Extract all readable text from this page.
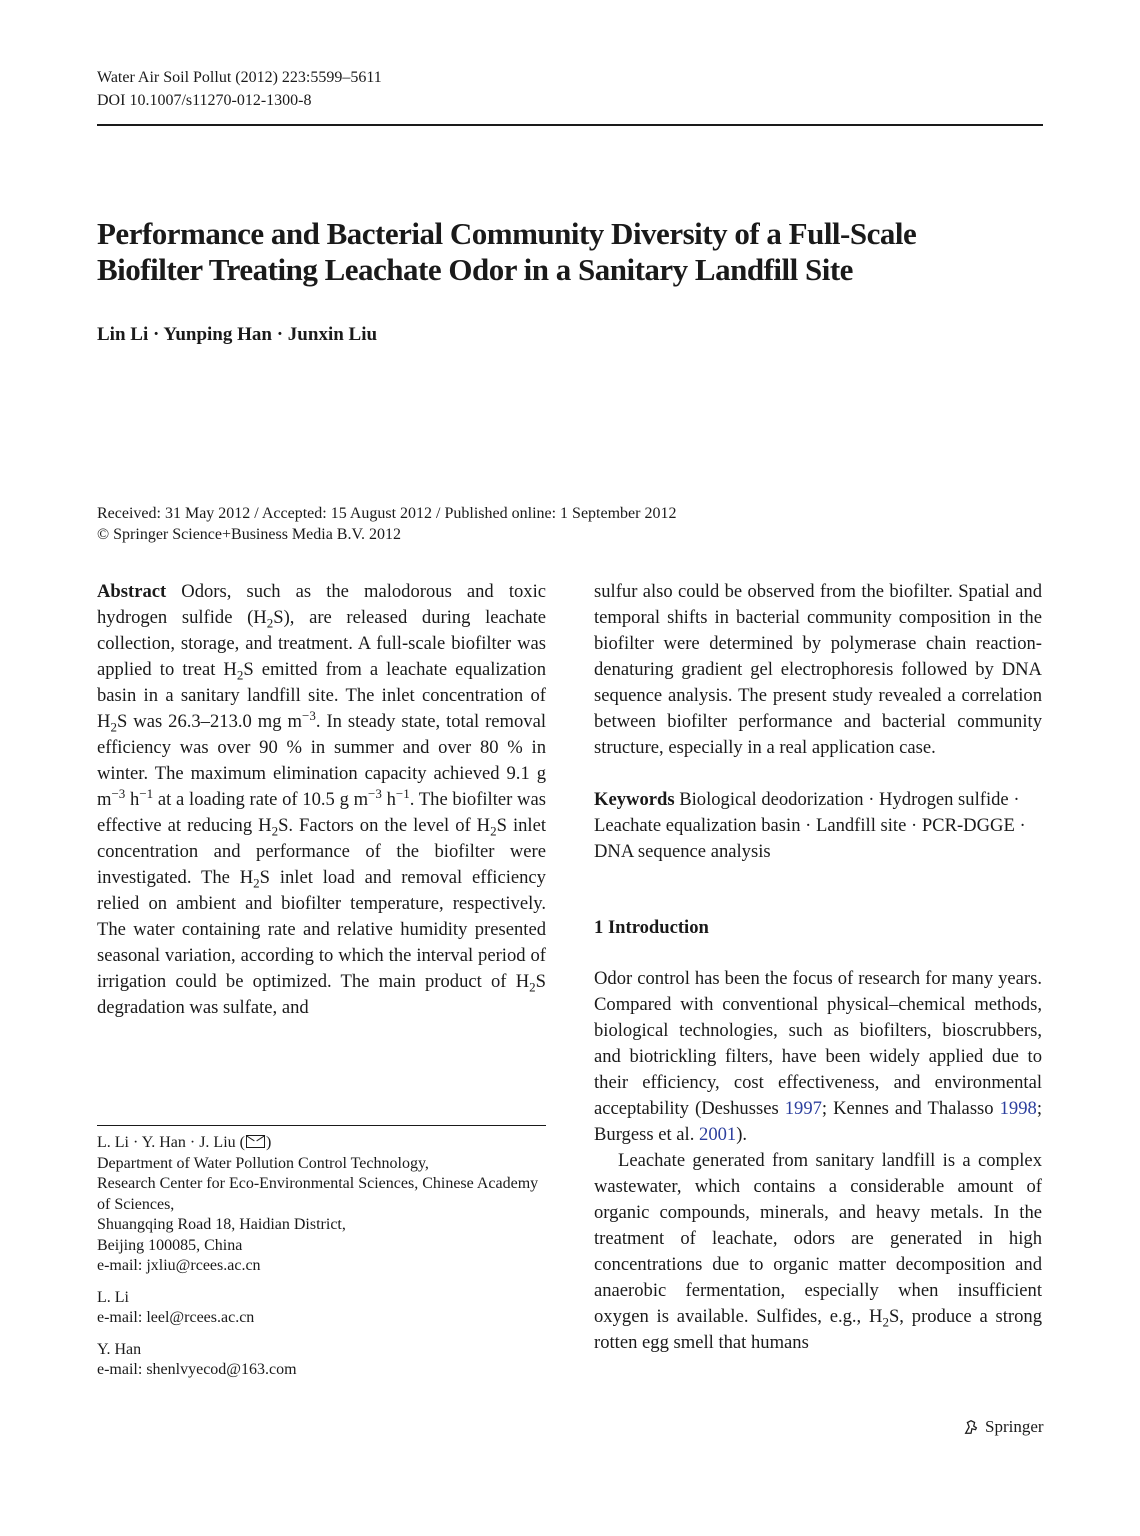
Water Air Soil Pollut (2012) 223:5599–5611
DOI 10.1007/s11270-012-1300-8
Performance and Bacterial Community Diversity of a Full-Scale
Biofilter Treating Leachate Odor in a Sanitary Landfill Site
Lin Li · Yunping Han · Junxin Liu
Received: 31 May 2012 / Accepted: 15 August 2012 / Published online: 1 September 2012
© Springer Science+Business Media B.V. 2012

Abstract Odors, such as the malodorous and toxic hydrogen sulfide $(H_2S)$, are released during leachate collection, storage, and treatment. A full-scale biofilter was applied to treat $H_2S$ emitted from a leachate equalization basin in a sanitary landfill site. The inlet concentration of $H_2S$ was 26.3–213.0 mg $m^{-3}$. In steady state, total removal efficiency was over 90 % in summer and over 80 % in winter. The maximum elimination capacity achieved 9.1 g $m^{-3}$ $h^{-1}$ at a loading rate of 10.5 g $m^{-3}$ $h^{-1}$. The biofilter was effective at reducing $H_2S$. Factors on the level of $H_2S$ inlet concentration and performance of the biofilter were investigated. The $H_2S$ inlet load and removal efficiency relied on ambient and biofilter temperature, respectively. The water containing rate and relative humidity presented seasonal variation, according to which the interval period of irrigation could be optimized. The main product of $H_2S$ degradation was sulfate, and

sulfur also could be observed from the biofilter. Spatial and temporal shifts in bacterial community composition in the biofilter were determined by polymerase chain reaction-denaturing gradient gel electrophoresis followed by DNA sequence analysis. The present study revealed a correlation between biofilter performance and bacterial community structure, especially in a real application case.

Keywords Biological deodorization · Hydrogen sulfide · Leachate equalization basin · Landfill site · PCR-DGGE · DNA sequence analysis
1 Introduction

Odor control has been the focus of research for many years. Compared with conventional physical–chemical methods, biological technologies, such as biofilters, bioscrubbers, and biotrickling filters, have been widely applied due to their efficiency, cost effectiveness, and environmental acceptability (Deshusses 1997; Kennes and Thalasso 1998; Burgess et al. 2001).

Leachate generated from sanitary landfill is a complex wastewater, which contains a considerable amount of organic compounds, minerals, and heavy metals. In the treatment of leachate, odors are generated in high concentrations due to organic matter decomposition and anaerobic fermentation, especially when insufficient oxygen is available. Sulfides, e.g., $H_2S$, produce a strong rotten egg smell that humans

L. Li · Y. Han · J. Liu ( )
Department of Water Pollution Control Technology,
Research Center for Eco-Environmental Sciences, Chinese Academy of Sciences,
Shuangqing Road 18, Haidian District,
Beijing 100085, China
e-mail: jxliu@rcees.ac.cn
L. Li
e-mail: leel@rcees.ac.cn
Y. Han
e-mail: shenlvyecod@163.com
Springer
